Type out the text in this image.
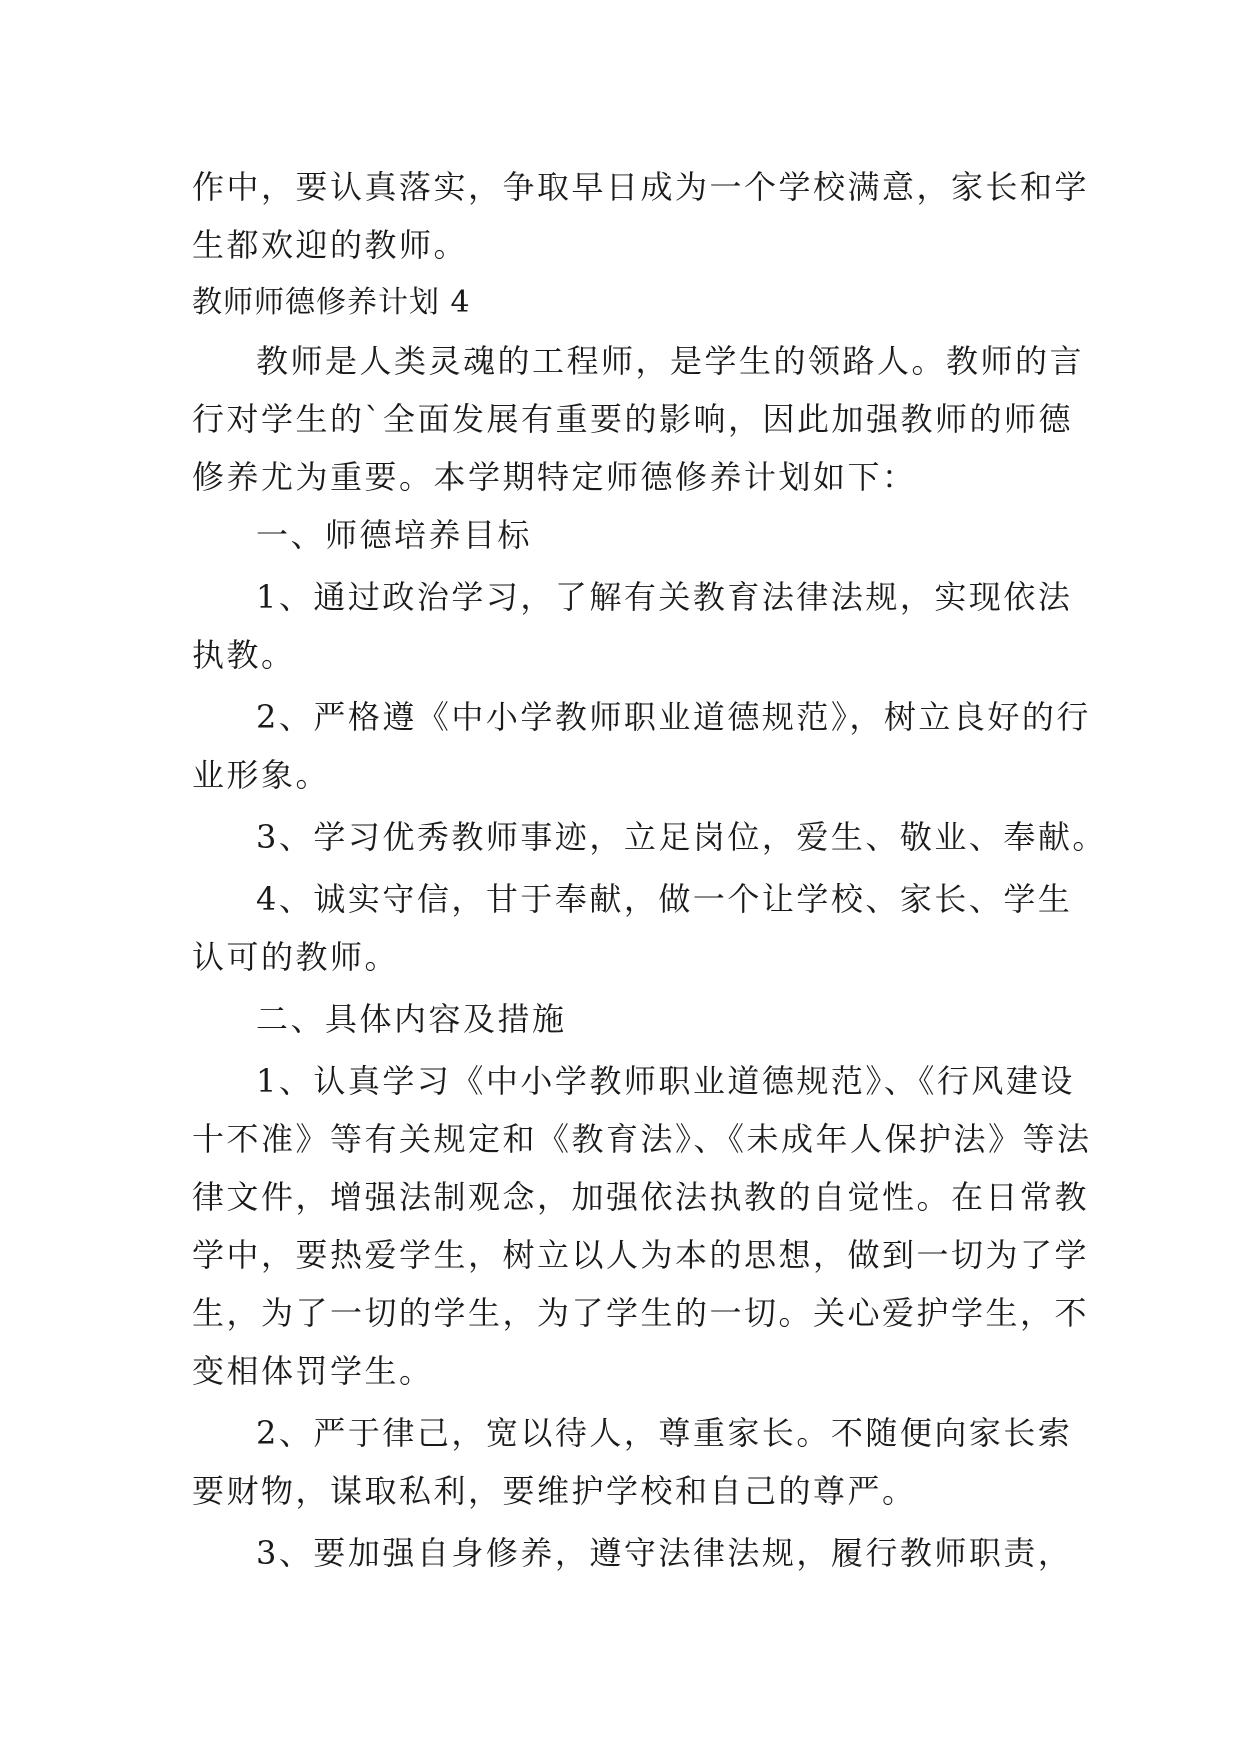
作中，要认真落实，争取早日成为一个学校满意，家长和学
生都欢迎的教师。
教师师德修养计划 4
教师是人类灵魂的工程师，是学生的领路人。教师的言
行对学生的`全面发展有重要的影响，因此加强教师的师德
修养尤为重要。本学期特定师德修养计划如下：
一、师德培养目标
1、通过政治学习，了解有关教育法律法规，实现依法
执教。
2、严格遵《中小学教师职业道德规范》，树立良好的行
业形象。
3、学习优秀教师事迹，立足岗位，爱生、敬业、奉献。
4、诚实守信，甘于奉献，做一个让学校、家长、学生
认可的教师。
二、具体内容及措施
1、认真学习《中小学教师职业道德规范》、《行风建设
十不准》等有关规定和《教育法》、《未成年人保护法》等法
律文件，增强法制观念，加强依法执教的自觉性。在日常教
学中，要热爱学生，树立以人为本的思想，做到一切为了学
生，为了一切的学生，为了学生的一切。关心爱护学生，不
变相体罚学生。
2、严于律己，宽以待人，尊重家长。不随便向家长索
要财物，谋取私利，要维护学校和自己的尊严。
3、要加强自身修养，遵守法律法规，履行教师职责，
